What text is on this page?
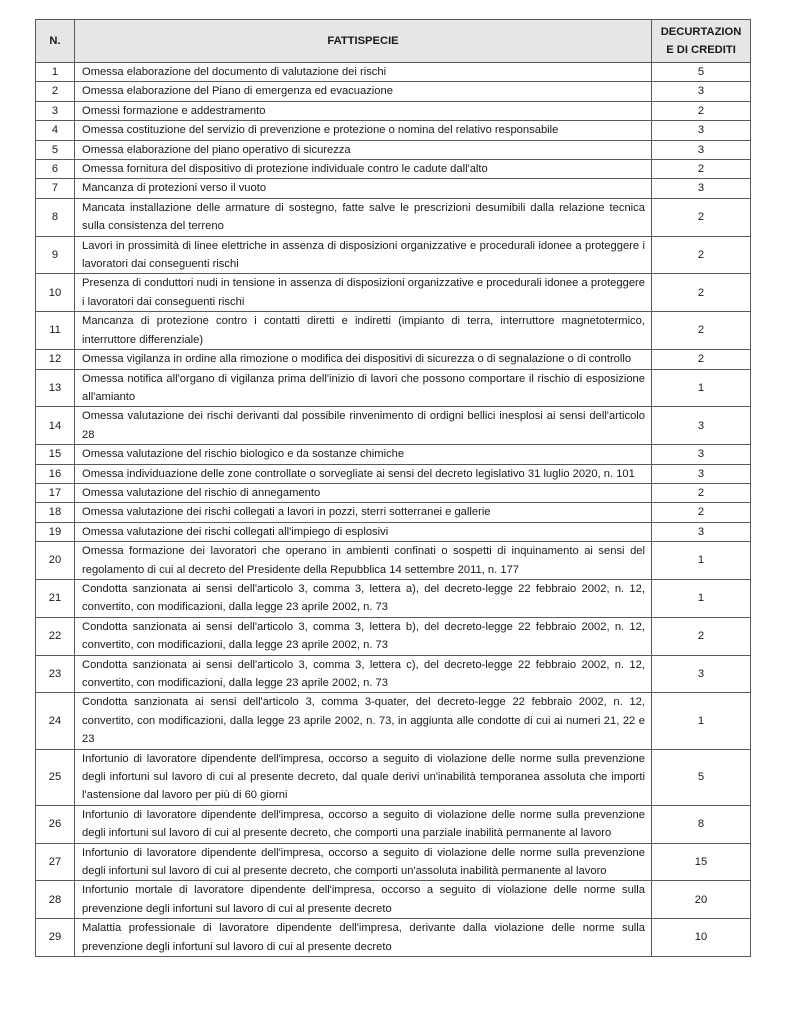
N.	FATTISPECIE	DECURTAZION
E DI CREDITI
1	Omessa elaborazione del documento di valutazione dei rischi	5
2	Omessa elaborazione del Piano di emergenza ed evacuazione	3
3	Omessi formazione e addestramento	2
4	Omessa costituzione del servizio di prevenzione e protezione o nomina del relativo responsabile	3
5	Omessa elaborazione del piano operativo di sicurezza	3
6	Omessa fornitura del dispositivo di protezione individuale contro le cadute dall'alto	2
7	Mancanza di protezioni verso il vuoto	3
8	Mancata installazione delle armature di sostegno, fatte salve le prescrizioni desumibili dalla relazione tecnica sulla consistenza del terreno	2
9	Lavori in prossimità di linee elettriche in assenza di disposizioni organizzative e procedurali idonee a proteggere i lavoratori dai conseguenti rischi	2
10	Presenza di conduttori nudi in tensione in assenza di disposizioni organizzative e procedurali idonee a proteggere i lavoratori dai conseguenti rischi	2
11	Mancanza di protezione contro i contatti diretti e indiretti (impianto di terra, interruttore magnetotermico, interruttore differenziale)	2
12	Omessa vigilanza in ordine alla rimozione o modifica dei dispositivi di sicurezza o di segnalazione o di controllo	2
13	Omessa notifica all'organo di vigilanza prima dell'inizio di lavori che possono comportare il rischio di esposizione all'amianto	1
14	Omessa valutazione dei rischi derivanti dal possibile rinvenimento di ordigni bellici inesplosi ai sensi dell'articolo 28	3
15	Omessa valutazione del rischio biologico e da sostanze chimiche	3
16	Omessa individuazione delle zone controllate o sorvegliate ai sensi del decreto legislativo 31 luglio 2020, n. 101	3
17	Omessa valutazione del rischio di annegamento	2
18	Omessa valutazione dei rischi collegati a lavori in pozzi, sterri sotterranei e gallerie	2
19	Omessa valutazione dei rischi collegati all'impiego di esplosivi	3
20	Omessa formazione dei lavoratori che operano in ambienti confinati o sospetti di inquinamento ai sensi del regolamento di cui al decreto del Presidente della Repubblica 14 settembre 2011, n. 177	1
21	Condotta sanzionata ai sensi dell'articolo 3, comma 3, lettera a), del decreto-legge 22 febbraio 2002, n. 12, convertito, con modificazioni, dalla legge 23 aprile 2002, n. 73	1
22	Condotta sanzionata ai sensi dell'articolo 3, comma 3, lettera b), del decreto-legge 22 febbraio 2002, n. 12, convertito, con modificazioni, dalla legge 23 aprile 2002, n. 73	2
23	Condotta sanzionata ai sensi dell'articolo 3, comma 3, lettera c), del decreto-legge 22 febbraio 2002, n. 12, convertito, con modificazioni, dalla legge 23 aprile 2002, n. 73	3
24	Condotta sanzionata ai sensi dell'articolo 3, comma 3-quater, del decreto-legge 22 febbraio 2002, n. 12, convertito, con modificazioni, dalla legge 23 aprile 2002, n. 73, in aggiunta alle condotte di cui ai numeri 21, 22 e 23	1
25	Infortunio di lavoratore dipendente dell'impresa, occorso a seguito di violazione delle norme sulla prevenzione degli infortuni sul lavoro di cui al presente decreto, dal quale derivi un'inabilità temporanea assoluta che importi l'astensione dal lavoro per più di 60 giorni	5
26	Infortunio di lavoratore dipendente dell'impresa, occorso a seguito di violazione delle norme sulla prevenzione degli infortuni sul lavoro di cui al presente decreto, che comporti una parziale inabilità permanente al lavoro	8
27	Infortunio di lavoratore dipendente dell'impresa, occorso a seguito di violazione delle norme sulla prevenzione degli infortuni sul lavoro di cui al presente decreto, che comporti un'assoluta inabilità permanente al lavoro	15
28	Infortunio mortale di lavoratore dipendente dell'impresa, occorso a seguito di violazione delle norme sulla prevenzione degli infortuni sul lavoro di cui al presente decreto	20
29	Malattia professionale di lavoratore dipendente dell'impresa, derivante dalla violazione delle norme sulla prevenzione degli infortuni sul lavoro di cui al presente decreto	10
